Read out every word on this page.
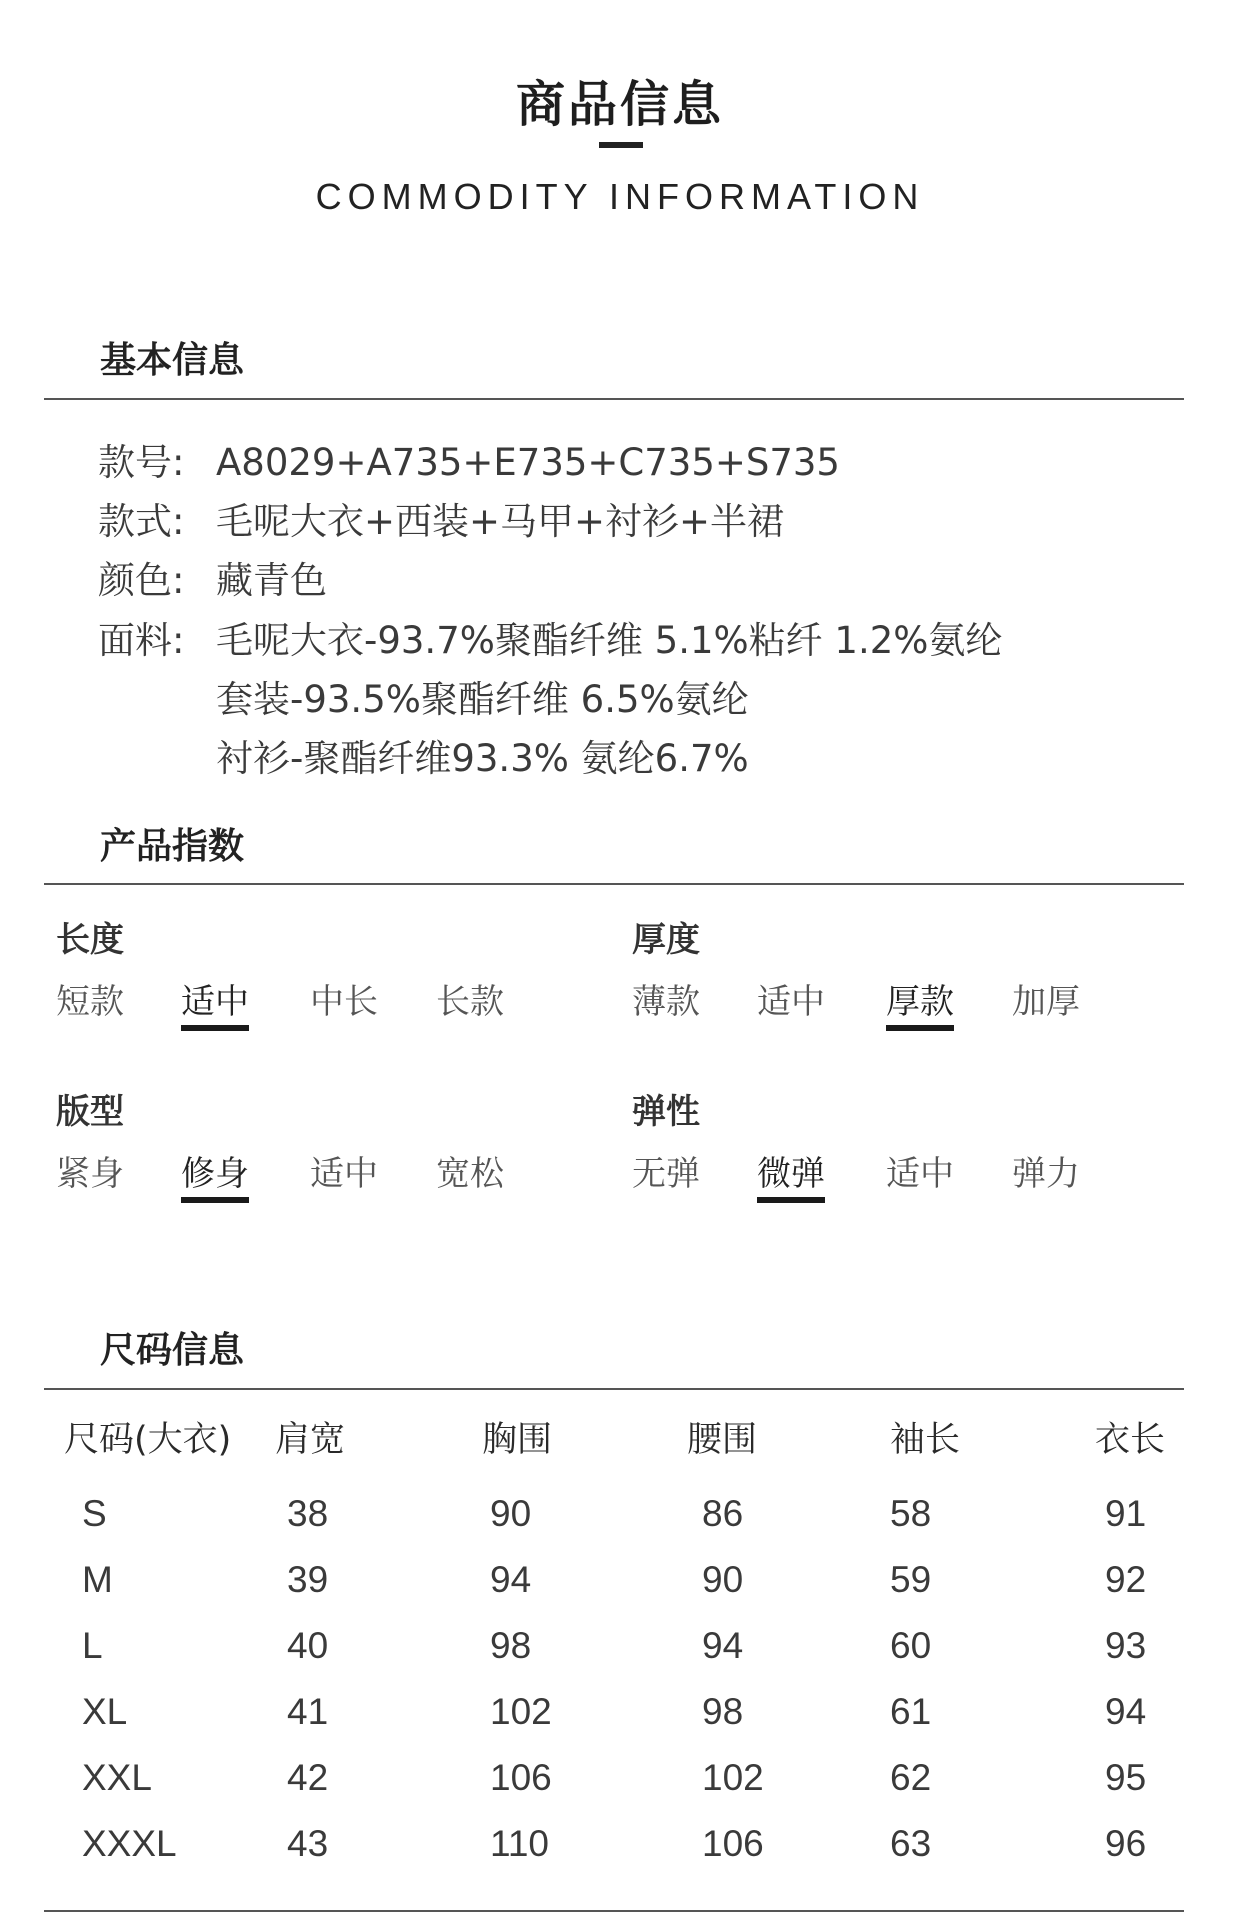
商品信息
COMMODITY INFORMATION
基本信息
款号: A8029+A735+E735+C735+S735
款式: 毛呢大衣+西装+马甲+衬衫+半裙
颜色: 藏青色
面料: 毛呢大衣-93.7%聚酯纤维 5.1%粘纤 1.2%氨纶
套装-93.5%聚酯纤维 6.5%氨纶
衬衫-聚酯纤维93.3% 氨纶6.7%
产品指数
长度
短款 适中 中长 长款
厚度
薄款 适中 厚款 加厚
版型
紧身 修身 适中 宽松
弹性
无弹 微弹 适中 弹力
尺码信息
尺码(大衣) 肩宽	胸围	腰围	袖长	衣长
S	38	90	86	58	91
M	39	94	90	59	92
L	40	98	94	60	93
XL	41	102	98	61	94
XXL	42	106	102	62	95
XXXL	43	110	106	63	96
